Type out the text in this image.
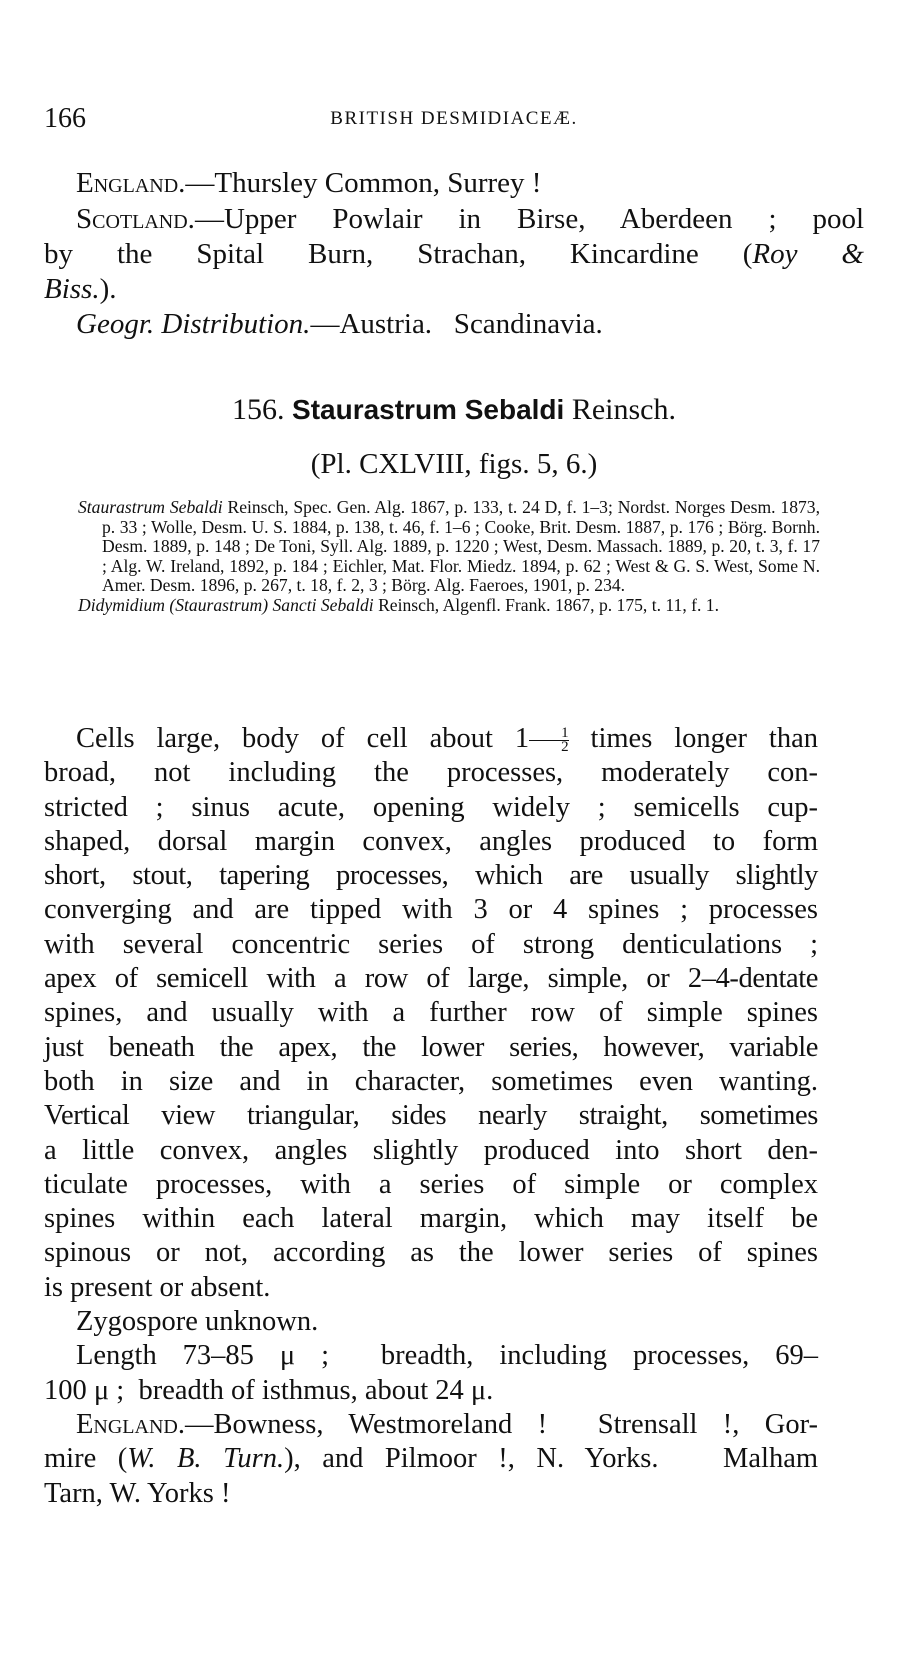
166	BRITISH DESMIDIACEÆ.
England.—Thursley Common, Surrey !
Scotland.—Upper Powlair in Birse, Aberdeen ; pool
by the Spital Burn, Strachan, Kincardine (Roy &
Biss.).
Geogr. Distribution.—Austria.   Scandinavia.
156. Staurastrum Sebaldi Reinsch.
(Pl. CXLVIII, figs. 5, 6.)

Staurastrum Sebaldi Reinsch, Spec. Gen. Alg. 1867, p. 133, t. 24 D, f. 1–3; Nordst. Norges Desm. 1873, p. 33 ; Wolle, Desm. U. S. 1884, p. 138, t. 46, f. 1–6 ; Cooke, Brit. Desm. 1887, p. 176 ; Börg. Bornh. Desm. 1889, p. 148 ; De Toni, Syll. Alg. 1889, p. 1220 ; West, Desm. Massach. 1889, p. 20, t. 3, f. 17 ; Alg. W. Ireland, 1892, p. 184 ; Eichler, Mat. Flor. Miedz. 1894, p. 62 ; West & G. S. West, Some N. Amer. Desm. 1896, p. 267, t. 18, f. 2, 3 ; Börg. Alg. Faeroes, 1901, p. 234.

Didymidium (Staurastrum) Sancti Sebaldi Reinsch, Algenfl. Frank. 1867, p. 175, t. 11, f. 1.

Cells large, body of cell about $1 \frac{1}{2}$ times longer than
broad, not including the processes, moderately con-
stricted ; sinus acute, opening widely ; semicells cup-
shaped, dorsal margin convex, angles produced to form
short, stout, tapering processes, which are usually slightly
converging and are tipped with 3 or 4 spines ; processes
with several concentric series of strong denticulations ;
apex of semicell with a row of large, simple, or 2–4-dentate
spines, and usually with a further row of simple spines
just beneath the apex, the lower series, however, variable
both in size and in character, sometimes even wanting.
Vertical view triangular, sides nearly straight, sometimes
a little convex, angles slightly produced into short den-
ticulate processes, with a series of simple or complex
spines within each lateral margin, which may itself be
spinous or not, according as the lower series of spines
is present or absent.
Zygospore unknown.
Length 73–85 μ ;  breadth, including processes, 69–
100 μ ;  breadth of isthmus, about 24 μ.
England.—Bowness, Westmoreland !  Strensall !, Gor-
mire (W. B. Turn.), and Pilmoor !, N. Yorks.   Malham
Tarn, W. Yorks !
